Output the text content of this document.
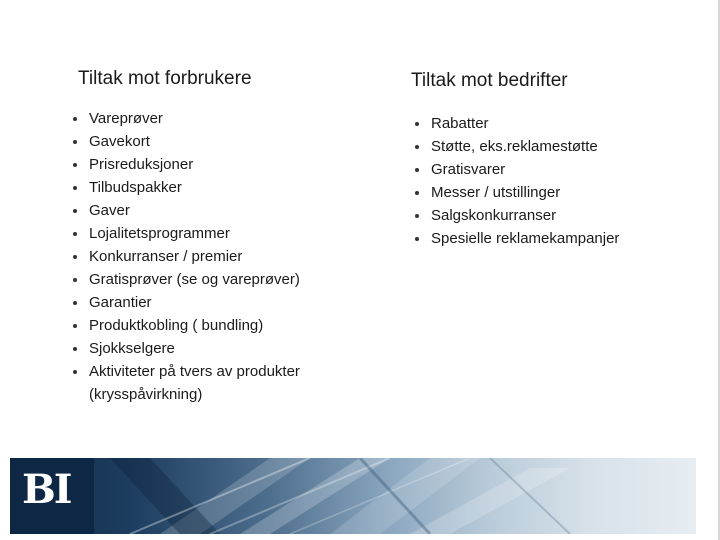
Tiltak mot forbrukere
Vareprøver
Gavekort
Prisreduksjoner
Tilbudspakker
Gaver
Lojalitetsprogrammer
Konkurranser / premier
Gratisprøver (se og vareprøver)
Garantier
Produktkobling ( bundling)
Sjokkselgere
Aktiviteter på tvers av produkter (krysspåvirkning)
Tiltak mot bedrifter
Rabatter
Støtte, eks.reklamestøtte
Gratisvarer
Messer / utstillinger
Salgskonkurranser
Spesielle reklamekampanjer
BI
